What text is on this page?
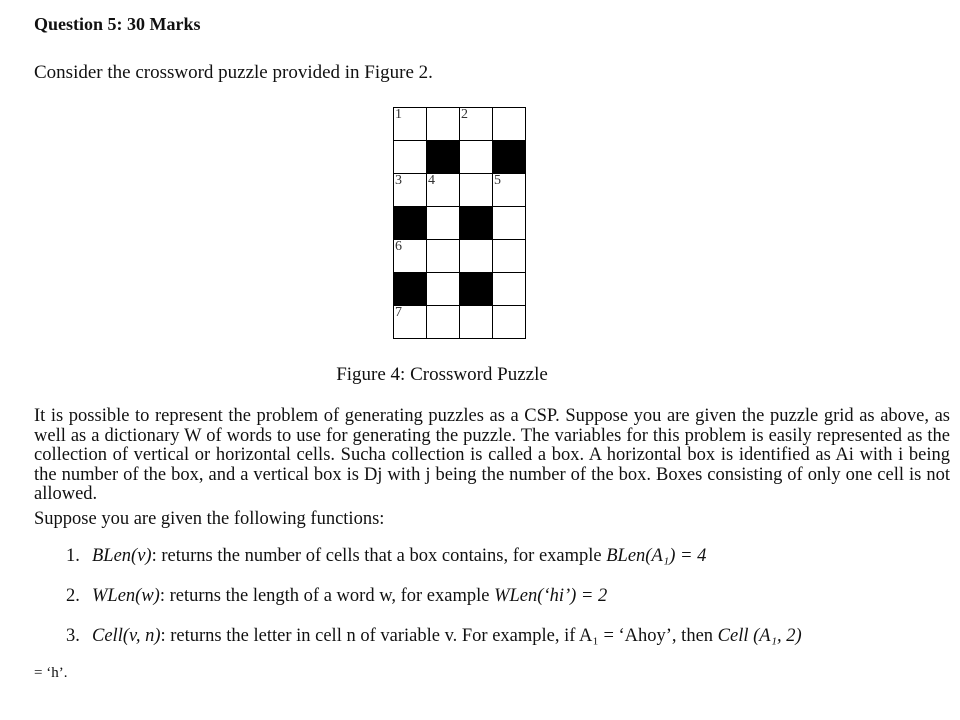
Question 5: 30 Marks
Consider the crossword puzzle provided in Figure 2.
1	2
3 4	5
6
7
Figure 4: Crossword Puzzle
It is possible to represent the problem of generating puzzles as a CSP. Suppose you are given the puzzle grid as above, as well as a dictionary W of words to use for generating the puzzle. The variables for this problem is easily represented as the collection of vertical or horizontal cells. Sucha collection is called a box. A horizontal box is identified as Ai with i being the number of the box, and a vertical box is Dj with j being the number of the box. Boxes consisting of only one cell is not allowed.
Suppose you are given the following functions:
1. BLen(v): returns the number of cells that a box contains, for example BLen(A₁) = 4
2. WLen(w): returns the length of a word w, for example WLen(‘hi’) = 2
3. Cell(v, n): returns the letter in cell n of variable v. For example, if A₁ = ‘Ahoy’, then Cell (A₁, 2)
= ‘h’.
